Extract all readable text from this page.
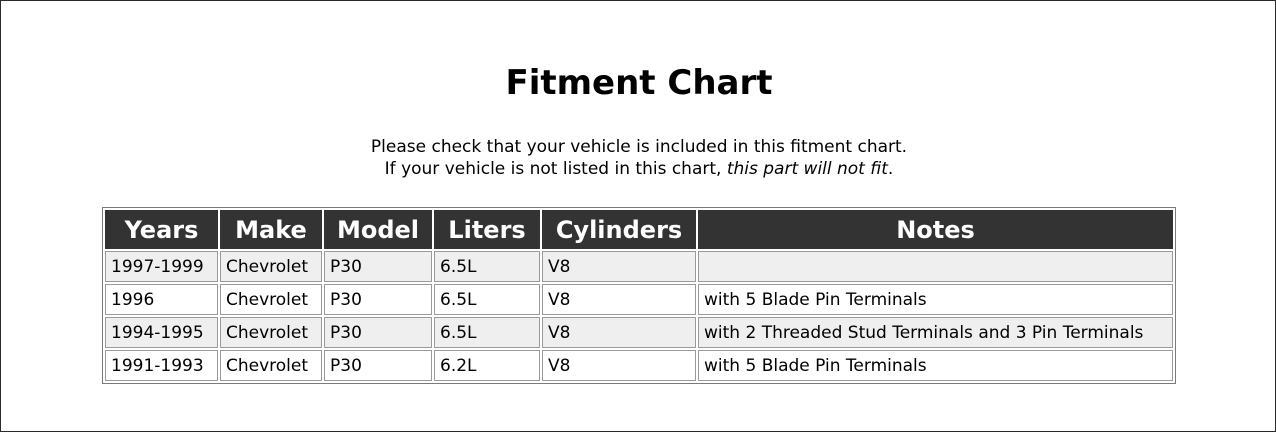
Fitment Chart
Please check that your vehicle is included in this fitment chart.
If your vehicle is not listed in this chart, this part will not fit.
Years	Make	Model	Liters	Cylinders	Notes
1997-1999	Chevrolet	P30	6.5L	V8	
1996	Chevrolet	P30	6.5L	V8	with 5 Blade Pin Terminals
1994-1995	Chevrolet	P30	6.5L	V8	with 2 Threaded Stud Terminals and 3 Pin Terminals
1991-1993	Chevrolet	P30	6.2L	V8	with 5 Blade Pin Terminals
